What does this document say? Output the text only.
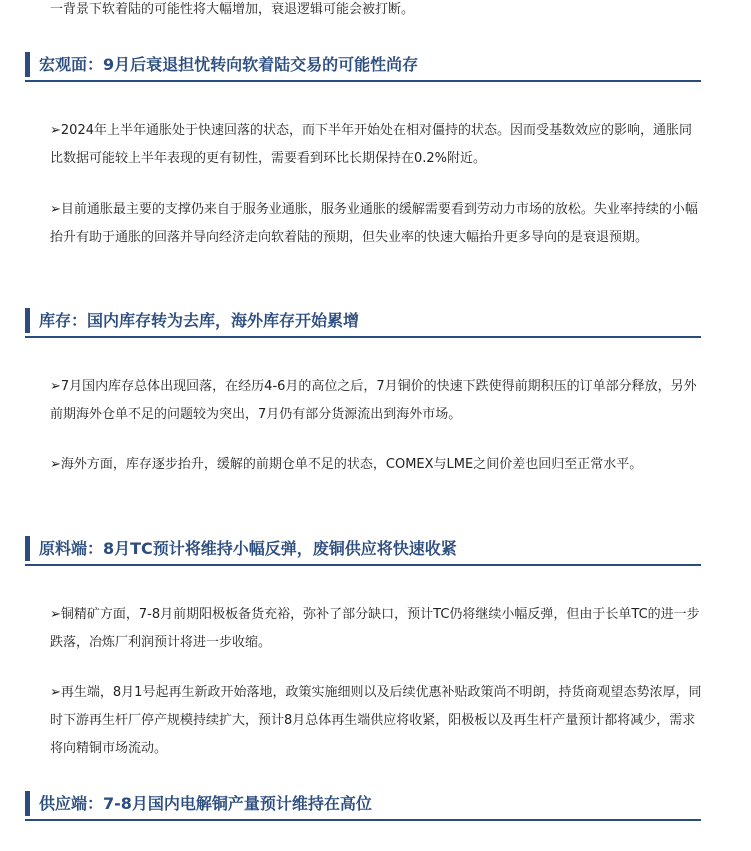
一背景下软着陆的可能性将大幅增加，衰退逻辑可能会被打断。

宏观面：9月后衰退担忧转向软着陆交易的可能性尚存

➢2024年上半年通胀处于快速回落的状态，而下半年开始处在相对僵持的状态。因而受基数效应的影响，通胀同比数据可能较上半年表现的更有韧性，需要看到环比长期保持在0.2%附近。

➢目前通胀最主要的支撑仍来自于服务业通胀，服务业通胀的缓解需要看到劳动力市场的放松。失业率持续的小幅抬升有助于通胀的回落并导向经济走向软着陆的预期，但失业率的快速大幅抬升更多导向的是衰退预期。

库存：国内库存转为去库，海外库存开始累增

➢7月国内库存总体出现回落，在经历4-6月的高位之后，7月铜价的快速下跌使得前期积压的订单部分释放，另外前期海外仓单不足的问题较为突出，7月仍有部分货源流出到海外市场。

➢海外方面，库存逐步抬升，缓解的前期仓单不足的状态，COMEX与LME之间价差也回归至正常水平。

原料端：8月TC预计将维持小幅反弹，废铜供应将快速收紧

➢铜精矿方面，7-8月前期阳极板备货充裕，弥补了部分缺口，预计TC仍将继续小幅反弹，但由于长单TC的进一步跌落，冶炼厂利润预计将进一步收缩。

➢再生端，8月1号起再生新政开始落地，政策实施细则以及后续优惠补贴政策尚不明朗，持货商观望态势浓厚，同时下游再生杆厂停产规模持续扩大，预计8月总体再生端供应将收紧，阳极板以及再生杆产量预计都将减少，需求将向精铜市场流动。

供应端：7-8月国内电解铜产量预计维持在高位
